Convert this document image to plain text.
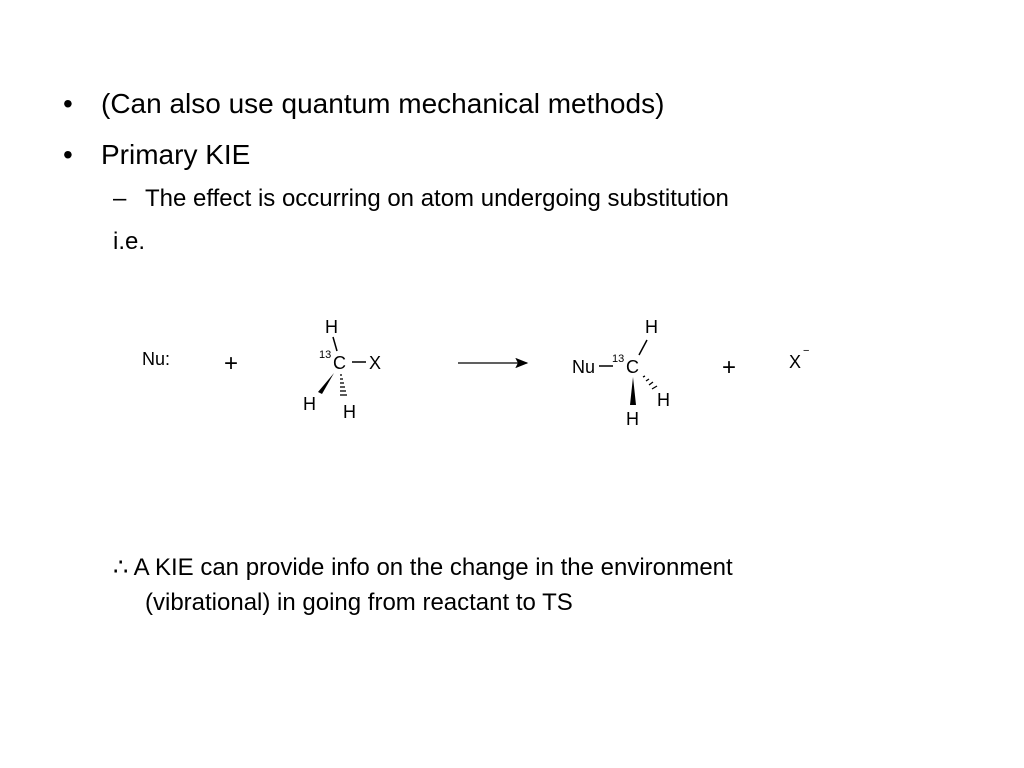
• (Can also use quantum mechanical methods)
• Primary KIE
– The effect is occurring on atom undergoing substitution
i.e.
Nu: +
H
13 C X
H H
Nu 13 C
H
H
H
+	X
−
∴ A KIE can provide info on the change in the environment
(vibrational) in going from reactant to TS
